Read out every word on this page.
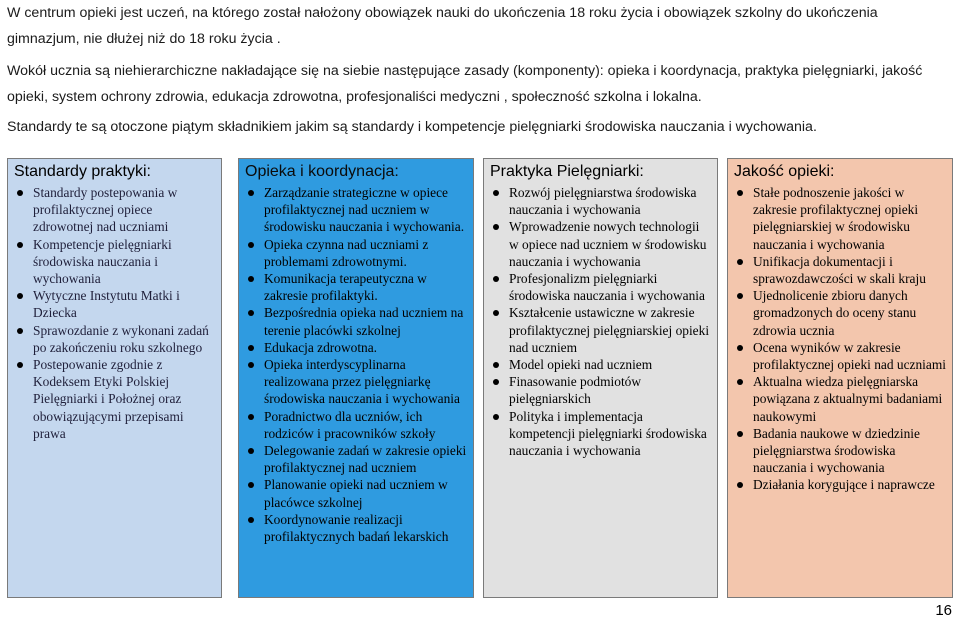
W centrum opieki jest uczeń, na którego został nałożony obowiązek nauki do ukończenia 18 roku życia i obowiązek szkolny do ukończenia gimnazjum, nie dłużej niż do 18 roku życia .

Wokół ucznia są niehierarchiczne nakładające się na siebie następujące zasady (komponenty): opieka i koordynacja, praktyka pielęgniarki, jakość opieki, system ochrony zdrowia, edukacja zdrowotna, profesjonaliści medyczni , społeczność szkolna i lokalna.

Standardy te są otoczone piątym składnikiem jakim są standardy i kompetencje pielęgniarki środowiska nauczania i wychowania.

Standardy praktyki:
Standardy postepowania w profilaktycznej opiece zdrowotnej nad uczniami
Kompetencje pielęgniarki środowiska nauczania i wychowania
Wytyczne Instytutu Matki i Dziecka
Sprawozdanie z wykonani zadań po zakończeniu roku szkolnego
Postepowanie zgodnie z Kodeksem Etyki Polskiej Pielęgniarki i Położnej oraz obowiązującymi przepisami prawa
Opieka i koordynacja:
Zarządzanie strategiczne w opiece profilaktycznej nad uczniem w środowisku nauczania i wychowania.
Opieka czynna nad uczniami z problemami zdrowotnymi.
Komunikacja terapeutyczna w zakresie profilaktyki.
Bezpośrednia opieka nad uczniem na terenie placówki szkolnej
Edukacja zdrowotna.
Opieka interdyscyplinarna realizowana przez pielęgniarkę środowiska nauczania i wychowania
Poradnictwo dla uczniów, ich rodziców i pracowników szkoły
Delegowanie zadań w zakresie opieki profilaktycznej nad uczniem
Planowanie opieki nad uczniem w placówce szkolnej
Koordynowanie realizacji profilaktycznych badań lekarskich
Praktyka Pielęgniarki:
Rozwój pielęgniarstwa środowiska nauczania i wychowania
Wprowadzenie nowych technologii w opiece nad uczniem w środowisku nauczania i wychowania
Profesjonalizm pielęgniarki środowiska nauczania i wychowania
Kształcenie ustawiczne w zakresie profilaktycznej pielęgniarskiej opieki nad uczniem
Model opieki nad uczniem
Finasowanie podmiotów pielęgniarskich
Polityka i implementacja kompetencji pielęgniarki środowiska nauczania i wychowania
Jakość opieki:
Stałe podnoszenie jakości w zakresie profilaktycznej opieki pielęgniarskiej w środowisku nauczania i wychowania
Unifikacja dokumentacji i sprawozdawczości w skali kraju
Ujednolicenie zbioru danych gromadzonych do oceny stanu zdrowia ucznia
Ocena wyników w zakresie profilaktycznej opieki nad uczniami
Aktualna wiedza pielęgniarska powiązana z aktualnymi badaniami naukowymi
Badania naukowe w dziedzinie pielęgniarstwa środowiska nauczania i wychowania
Działania korygujące i naprawcze
16
